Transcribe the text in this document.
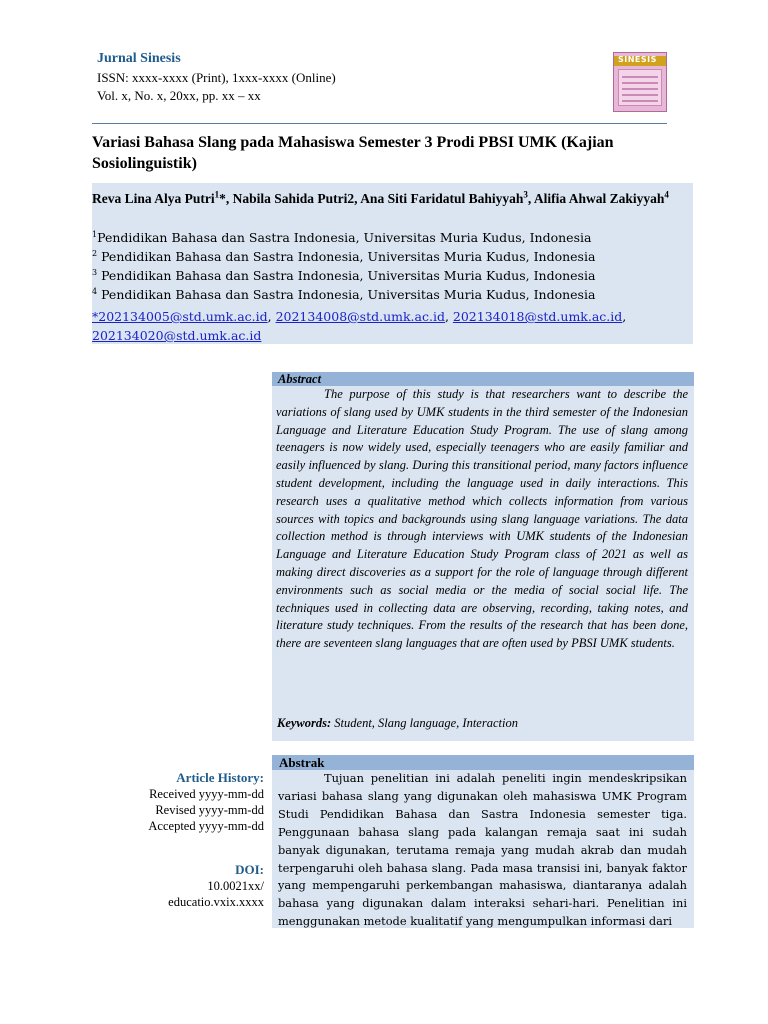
Jurnal Sinesis
ISSN: xxxx-xxxx (Print), 1xxx-xxxx (Online)
Vol. x, No. x, 20xx, pp. xx – xx
SINESIS
Variasi Bahasa Slang pada Mahasiswa Semester 3 Prodi PBSI UMK (Kajian Sosiolinguistik)
Reva Lina Alya Putri$^1$*, Nabila Sahida Putri2, Ana Siti Faridatul Bahiyyah$^3$, Alifia Ahwal Zakiyyah$^4$
$^1$Pendidikan Bahasa dan Sastra Indonesia, Universitas Muria Kudus, Indonesia
$^2$ Pendidikan Bahasa dan Sastra Indonesia, Universitas Muria Kudus, Indonesia
$^3$ Pendidikan Bahasa dan Sastra Indonesia, Universitas Muria Kudus, Indonesia
$^4$ Pendidikan Bahasa dan Sastra Indonesia, Universitas Muria Kudus, Indonesia
*202134005@std.umk.ac.id, 202134008@std.umk.ac.id, 202134018@std.umk.ac.id,
202134020@std.umk.ac.id
Abstract
The purpose of this study is that researchers want to describe the variations of slang used by UMK students in the third semester of the Indonesian Language and Literature Education Study Program. The use of slang among teenagers is now widely used, especially teenagers who are easily familiar and easily influenced by slang. During this transitional period, many factors influence student development, including the language used in daily interactions. This research uses a qualitative method which collects information from various sources with topics and backgrounds using slang language variations. The data collection method is through interviews with UMK students of the Indonesian Language and Literature Education Study Program class of 2021 as well as making direct discoveries as a support for the role of language through different environments such as social media or the media of social social life. The techniques used in collecting data are observing, recording, taking notes, and literature study techniques. From the results of the research that has been done, there are seventeen slang languages that are often used by PBSI UMK students.
Keywords: Student, Slang language, Interaction
Abstrak
Tujuan penelitian ini adalah peneliti ingin mendeskripsikan variasi bahasa slang yang digunakan oleh mahasiswa UMK Program Studi Pendidikan Bahasa dan Sastra Indonesia semester tiga. Penggunaan bahasa slang pada kalangan remaja saat ini sudah banyak digunakan, terutama remaja yang mudah akrab dan mudah terpengaruhi oleh bahasa slang. Pada masa transisi ini, banyak faktor yang mempengaruhi perkembangan mahasiswa, diantaranya adalah bahasa yang digunakan dalam interaksi sehari-hari. Penelitian ini menggunakan metode kualitatif yang mengumpulkan informasi dari
Article History:
Received yyyy-mm-dd
Revised yyyy-mm-dd
Accepted yyyy-mm-dd
DOI:
10.0021xx/
educatio.vxix.xxxx
